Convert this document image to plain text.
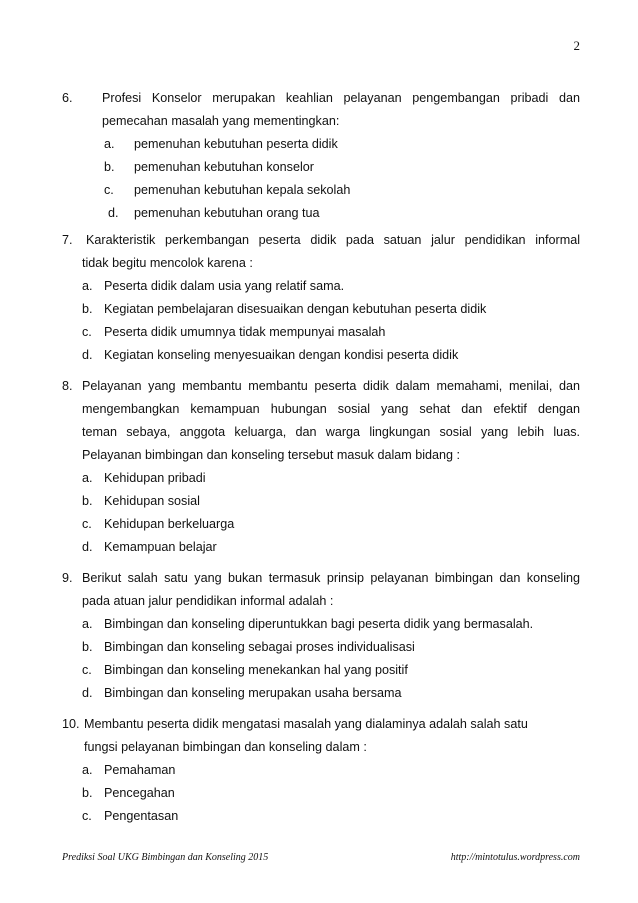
2
6.	Profesi Konselor merupakan keahlian pelayanan pengembangan pribadi dan
pemecahan masalah yang mementingkan:
a.	pemenuhan kebutuhan peserta didik
b.	pemenuhan kebutuhan konselor
c.	pemenuhan kebutuhan kepala sekolah
d.	pemenuhan kebutuhan orang tua
7.	Karakteristik perkembangan peserta didik pada satuan jalur pendidikan informal
tidak begitu mencolok karena :
a. Peserta didik dalam usia yang relatif sama.
b. Kegiatan pembelajaran disesuaikan dengan kebutuhan peserta didik
c. Peserta didik umumnya tidak mempunyai masalah
d. Kegiatan konseling menyesuaikan dengan kondisi peserta didik
8. Pelayanan yang membantu membantu peserta didik dalam memahami, menilai, dan
mengembangkan kemampuan hubungan sosial yang sehat dan efektif dengan
teman sebaya, anggota keluarga, dan warga lingkungan sosial yang lebih luas.
Pelayanan bimbingan dan konseling tersebut masuk dalam bidang :
a. Kehidupan pribadi
b. Kehidupan sosial
c. Kehidupan berkeluarga
d. Kemampuan belajar
9. Berikut salah satu yang bukan termasuk prinsip pelayanan bimbingan dan konseling
pada atuan jalur pendidikan informal adalah :
a. Bimbingan dan konseling diperuntukkan bagi peserta didik yang bermasalah.
b. Bimbingan dan konseling sebagai proses individualisasi
c. Bimbingan dan konseling menekankan hal yang positif
d. Bimbingan dan konseling merupakan usaha bersama
10. Membantu peserta didik mengatasi masalah yang dialaminya adalah salah satu
fungsi pelayanan bimbingan dan konseling dalam :
a. Pemahaman
b. Pencegahan
c. Pengentasan
Prediksi Soal UKG Bimbingan dan Konseling 2015	http://mintotulus.wordpress.com
